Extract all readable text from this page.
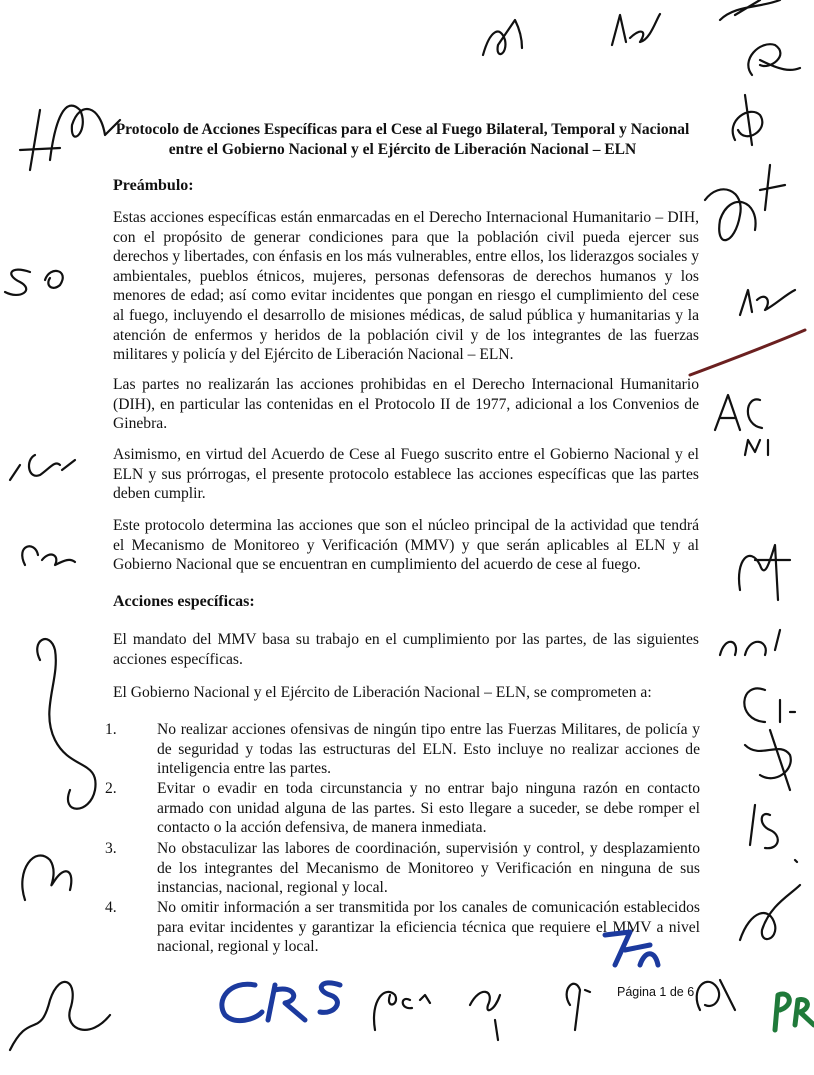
Protocolo de Acciones Específicas para el Cese al Fuego Bilateral, Temporal y Nacional entre el Gobierno Nacional y el Ejército de Liberación Nacional – ELN
Preámbulo:

Estas acciones específicas están enmarcadas en el Derecho Internacional Humanitario – DIH, con el propósito de generar condiciones para que la población civil pueda ejercer sus derechos y libertades, con énfasis en los más vulnerables, entre ellos, los liderazgos sociales y ambientales, pueblos étnicos, mujeres, personas defensoras de derechos humanos y los menores de edad; así como evitar incidentes que pongan en riesgo el cumplimiento del cese al fuego, incluyendo el desarrollo de misiones médicas, de salud pública y humanitarias y la atención de enfermos y heridos de la población civil y de los integrantes de las fuerzas militares y policía y del Ejército de Liberación Nacional – ELN.

Las partes no realizarán las acciones prohibidas en el Derecho Internacional Humanitario (DIH), en particular las contenidas en el Protocolo II de 1977, adicional a los Convenios de Ginebra.

Asimismo, en virtud del Acuerdo de Cese al Fuego suscrito entre el Gobierno Nacional y el ELN y sus prórrogas, el presente protocolo establece las acciones específicas que las partes deben cumplir.

Este protocolo determina las acciones que son el núcleo principal de la actividad que tendrá el Mecanismo de Monitoreo y Verificación (MMV) y que serán aplicables al ELN y al Gobierno Nacional que se encuentran en cumplimiento del acuerdo de cese al fuego.

Acciones específicas:

El mandato del MMV basa su trabajo en el cumplimiento por las partes, de las siguientes acciones específicas.

El Gobierno Nacional y el Ejército de Liberación Nacional – ELN, se comprometen a:

1.	No realizar acciones ofensivas de ningún tipo entre las Fuerzas Militares, de policía y de seguridad y todas las estructuras del ELN. Esto incluye no realizar acciones de inteligencia entre las partes.
2.	Evitar o evadir en toda circunstancia y no entrar bajo ninguna razón en contacto armado con unidad alguna de las partes. Si esto llegare a suceder, se debe romper el contacto o la acción defensiva, de manera inmediata.
3.	No obstaculizar las labores de coordinación, supervisión y control, y desplazamiento de los integrantes del Mecanismo de Monitoreo y Verificación en ninguna de sus instancias, nacional, regional y local.
4.	No omitir información a ser transmitida por los canales de comunicación establecidos para evitar incidentes y garantizar la eficiencia técnica que requiere el MMV a nivel nacional, regional y local.
Página 1 de 6
